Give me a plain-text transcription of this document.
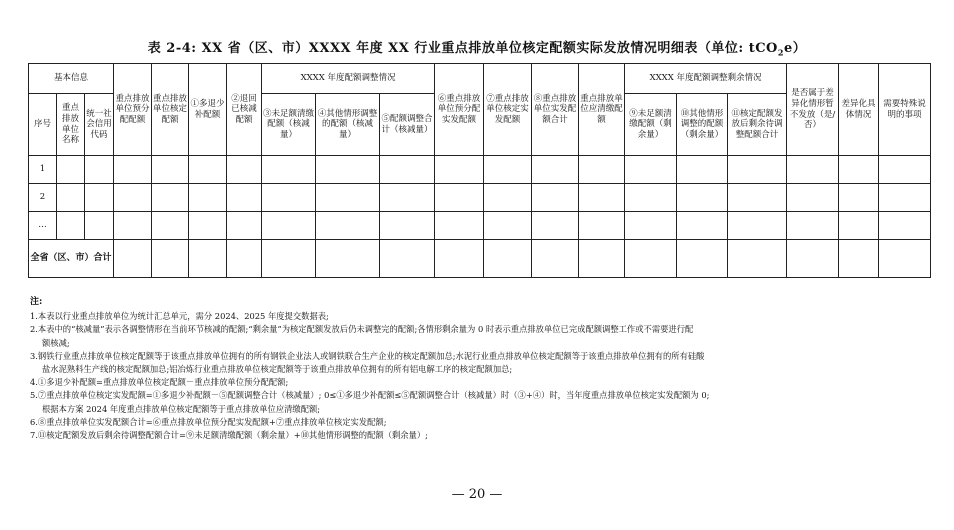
表 2-4: XX 省（区、市）XXXX 年度 XX 行业重点排放单位核定配额实际发放情况明细表（单位: tCO$_2$e）
基本信息			重点排放单位预分配配额	重点排放单位核定配额	①多退少补配额	②退回已核减配额	XXXX 年度配额调整情况			⑥重点排放单位预分配实发配额	⑦重点排放单位核定实发配额	⑧重点排放单位实发配额合计	重点排放单位应清缴配额	XXXX 年度配额调整剩余情况			是否属于差异化情形暂不发放（是/否）	差异化具体情况	需要特殊说明的事项	
序号	重点排放单位名称	统一社会信用代码					③未足额清缴配额（核减量）	④其他情形调整的配额（核减量）	⑤配额调整合计（核减量）					⑨未足额清缴配额（剩余量）	⑩其他情形调整的配额（剩余量）	⑪核定配额发放后剩余待调整配额合计				
1																				
2																				
…																				
全省（区、市）合计																				
注:
1.本表以行业重点排放单位为统计汇总单元，需分 2024、2025 年度提交数据表;
2.本表中的“核减量”表示各调整情形在当前环节核减的配额;“剩余量”为核定配额发放后仍未调整完的配额;各情形剩余量为 0 时表示重点排放单位已完成配额调整工作或不需要进行配
额核减;
3.钢铁行业重点排放单位核定配额等于该重点排放单位拥有的所有钢铁企业法人或钢铁联合生产企业的核定配额加总;水泥行业重点排放单位核定配额等于该重点排放单位拥有的所有硅酸
盐水泥熟料生产线的核定配额加总;铝冶炼行业重点排放单位核定配额等于该重点排放单位拥有的所有铝电解工序的核定配额加总;
4.①多退少补配额=重点排放单位核定配额－重点排放单位预分配配额;
5.⑦重点排放单位核定实发配额=①多退少补配额－⑤配额调整合计（核减量）; 0≤①多退少补配额≤⑤配额调整合计（核减量）时（③+④）时，当年度重点排放单位核定实发配额为 0;
根据本方案 2024 年度重点排放单位核定配额等于重点排放单位应清缴配额;
6.⑧重点排放单位实发配额合计=⑥重点排放单位预分配实发配额+⑦重点排放单位核定实发配额;
7.⑪核定配额发放后剩余待调整配额合计=⑨未足额清缴配额（剩余量）+⑩其他情形调整的配额（剩余量）;
— 20 —
